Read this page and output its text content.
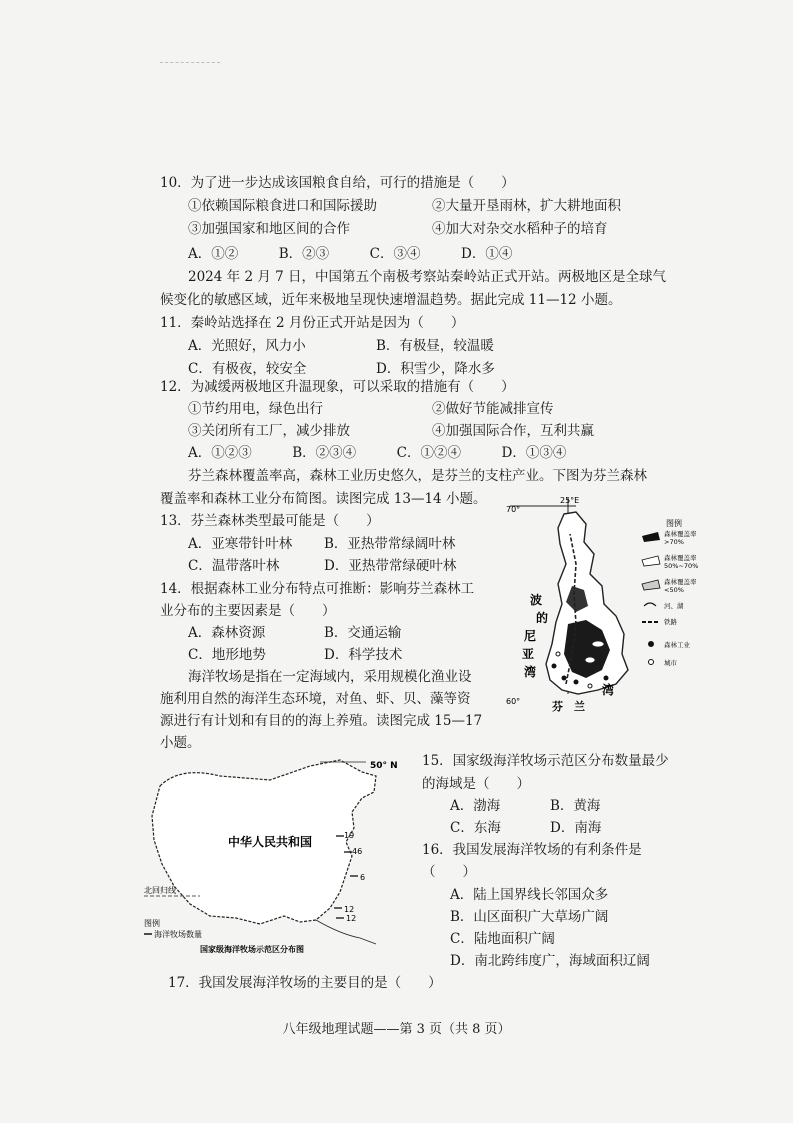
10．为了进一步达成该国粮食自给，可行的措施是（　　）
①依赖国际粮食进口和国际援助	②大量开垦雨林，扩大耕地面积
③加强国家和地区间的合作	④加大对杂交水稻种子的培育
A．①②　　　B．②③　　　C．③④　　　D．①④
2024 年 2 月 7 日，中国第五个南极考察站秦岭站正式开站。两极地区是全球气
候变化的敏感区域，近年来极地呈现快速增温趋势。据此完成 11—12 小题。
11．秦岭站选择在 2 月份正式开站是因为（　　）
A．光照好，风力小	B．有极昼，较温暖
C．有极夜，较安全	D．积雪少，降水多
12．为减缓两极地区升温现象，可以采取的措施有（　　）
①节约用电，绿色出行	②做好节能减排宣传
③关闭所有工厂，减少排放	④加强国际合作，互利共赢
A．①②③　　　B．②③④　　　C．①②④　　　D．①③④
芬兰森林覆盖率高，森林工业历史悠久，是芬兰的支柱产业。下图为芬兰森林
覆盖率和森林工业分布简图。读图完成 13—14 小题。
13．芬兰森林类型最可能是（　　）
A．亚寒带针叶林 B．亚热带常绿阔叶林
C．温带落叶林	D．亚热带常绿硬叶林
14．根据森林工业分布特点可推断：影响芬兰森林工
业分布的主要因素是（　　）
A．森林资源	B．交通运输
C．地形地势	D．科学技术
海洋牧场是指在一定海域内，采用规模化渔业设
施利用自然的海洋生态环境，对鱼、虾、贝、藻等资
源进行有计划和有目的的海上养殖。读图完成 15—17
小题。
70°
25°E
波
的
尼
亚
湾
湾
60°	芬　兰
图例
森林覆盖率>70%
森林覆盖率 50%~70%
森林覆盖率<50%
河、湖
铁路
森林工业
城市
50° N
中华人民共和国
北回归线
19
46
6
12
12
图例
海洋牧场数量
国家级海洋牧场示范区分布图
15．国家级海洋牧场示范区分布数量最少
的海域是（　　）
A．渤海	B．黄海
C．东海	D．南海
16．我国发展海洋牧场的有利条件是
（　　）
A．陆上国界线长邻国众多
B．山区面积广大草场广阔
C．陆地面积广阔
D．南北跨纬度广，海域面积辽阔
17．我国发展海洋牧场的主要目的是（　　）
八年级地理试题——第 3 页（共 8 页）
